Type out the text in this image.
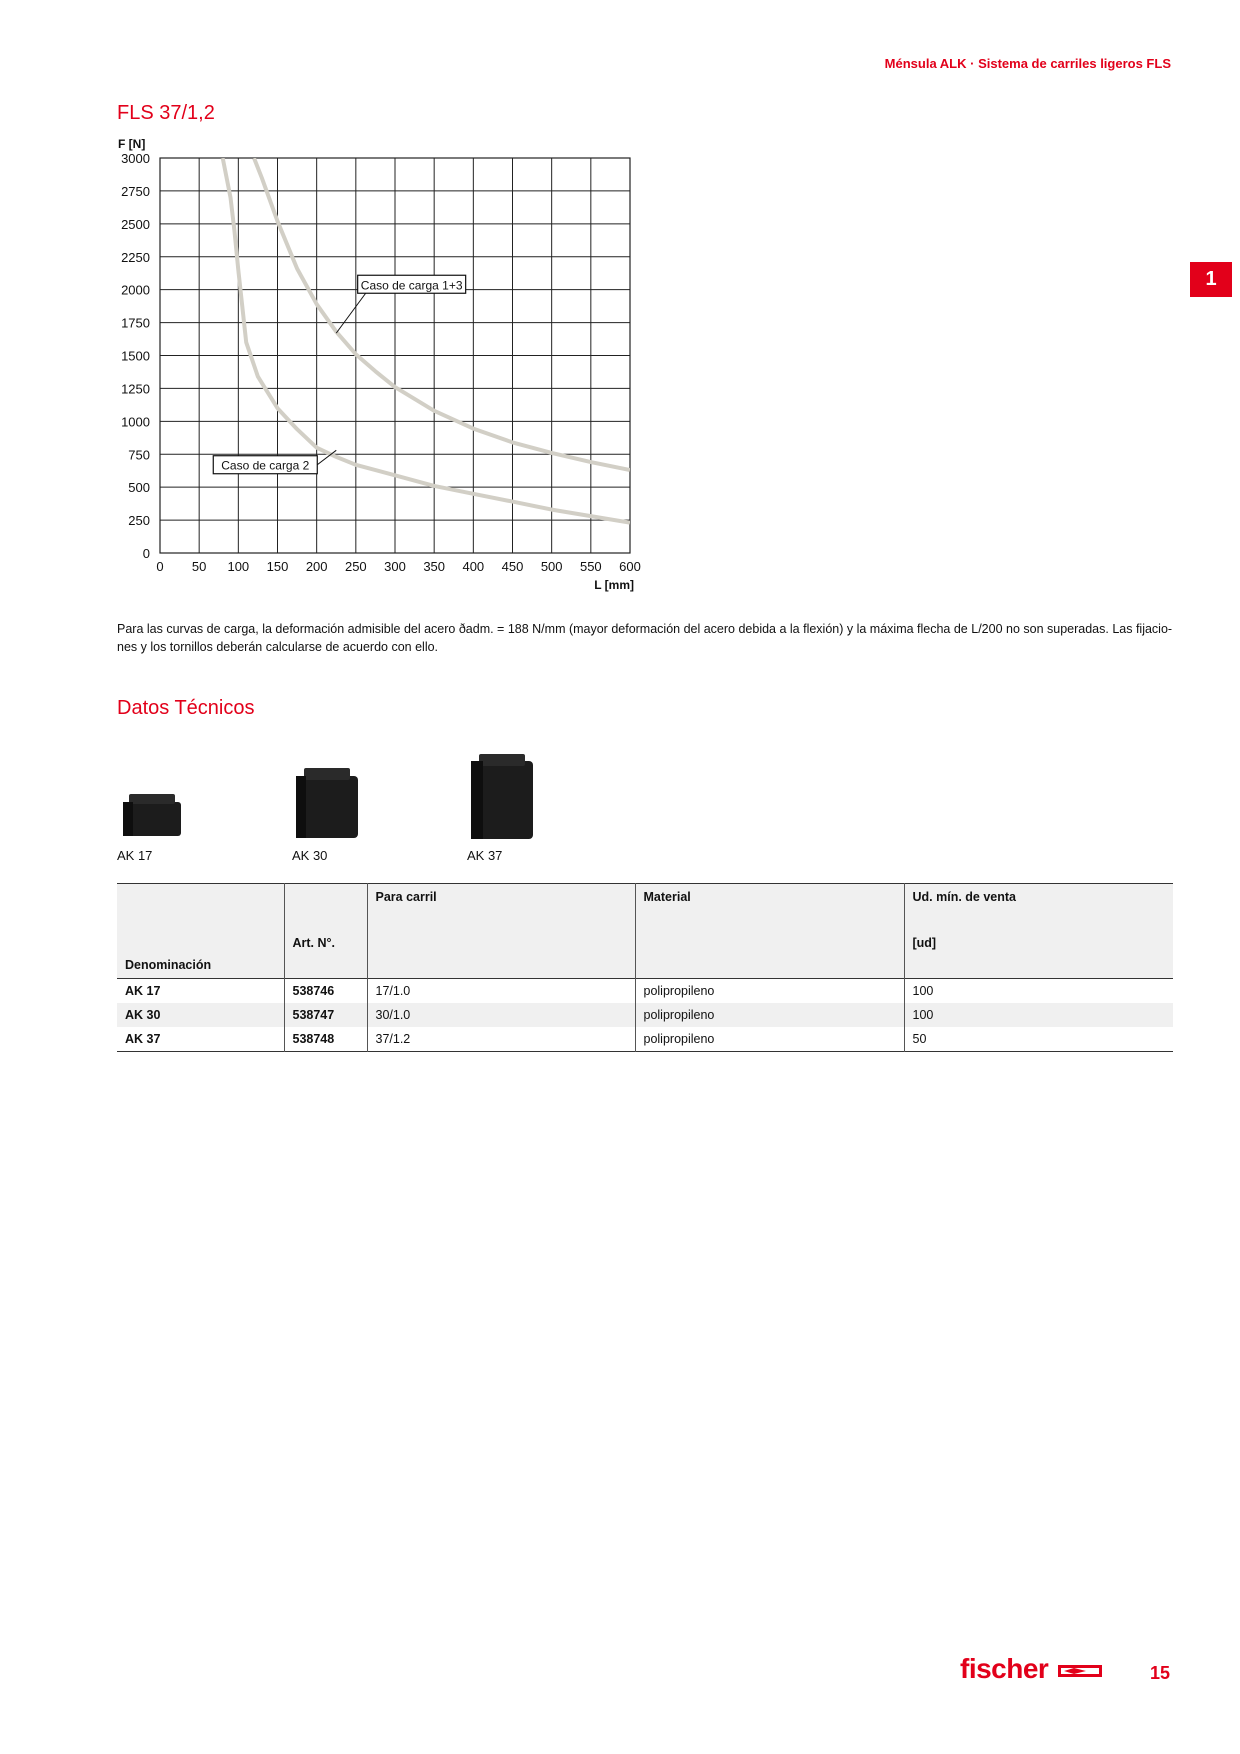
Ménsula ALK · Sistema de carriles ligeros FLS
1
FLS 37/1,2
0 50 100 150 200 250 300 350 400 450 500 550 600
0
250
500
750
1000
1250
1500
1750
2000
2250
2500
2750
3000
F [N]
L [mm]
Caso de carga 1+3
Caso de carga 2
Para las curvas de carga, la deformación admisible del acero ðadm. = 188 N/mm (mayor deformación del acero debida a la flexión) y la máxima flecha de L/200 no son superadas. Las fijacio- nes y los tornillos deberán calcularse de acuerdo con ello.
Datos Técnicos
AK 17	AK 30	AK 37
Denominación	Art. N°.	Para carril	Material	Ud. mín. de venta
[ud]

AK 17	538746	17/1.0	polipropileno	100
AK 30	538747	30/1.0	polipropileno	100
AK 37	538748	37/1.2	polipropileno	50
fischer	15
